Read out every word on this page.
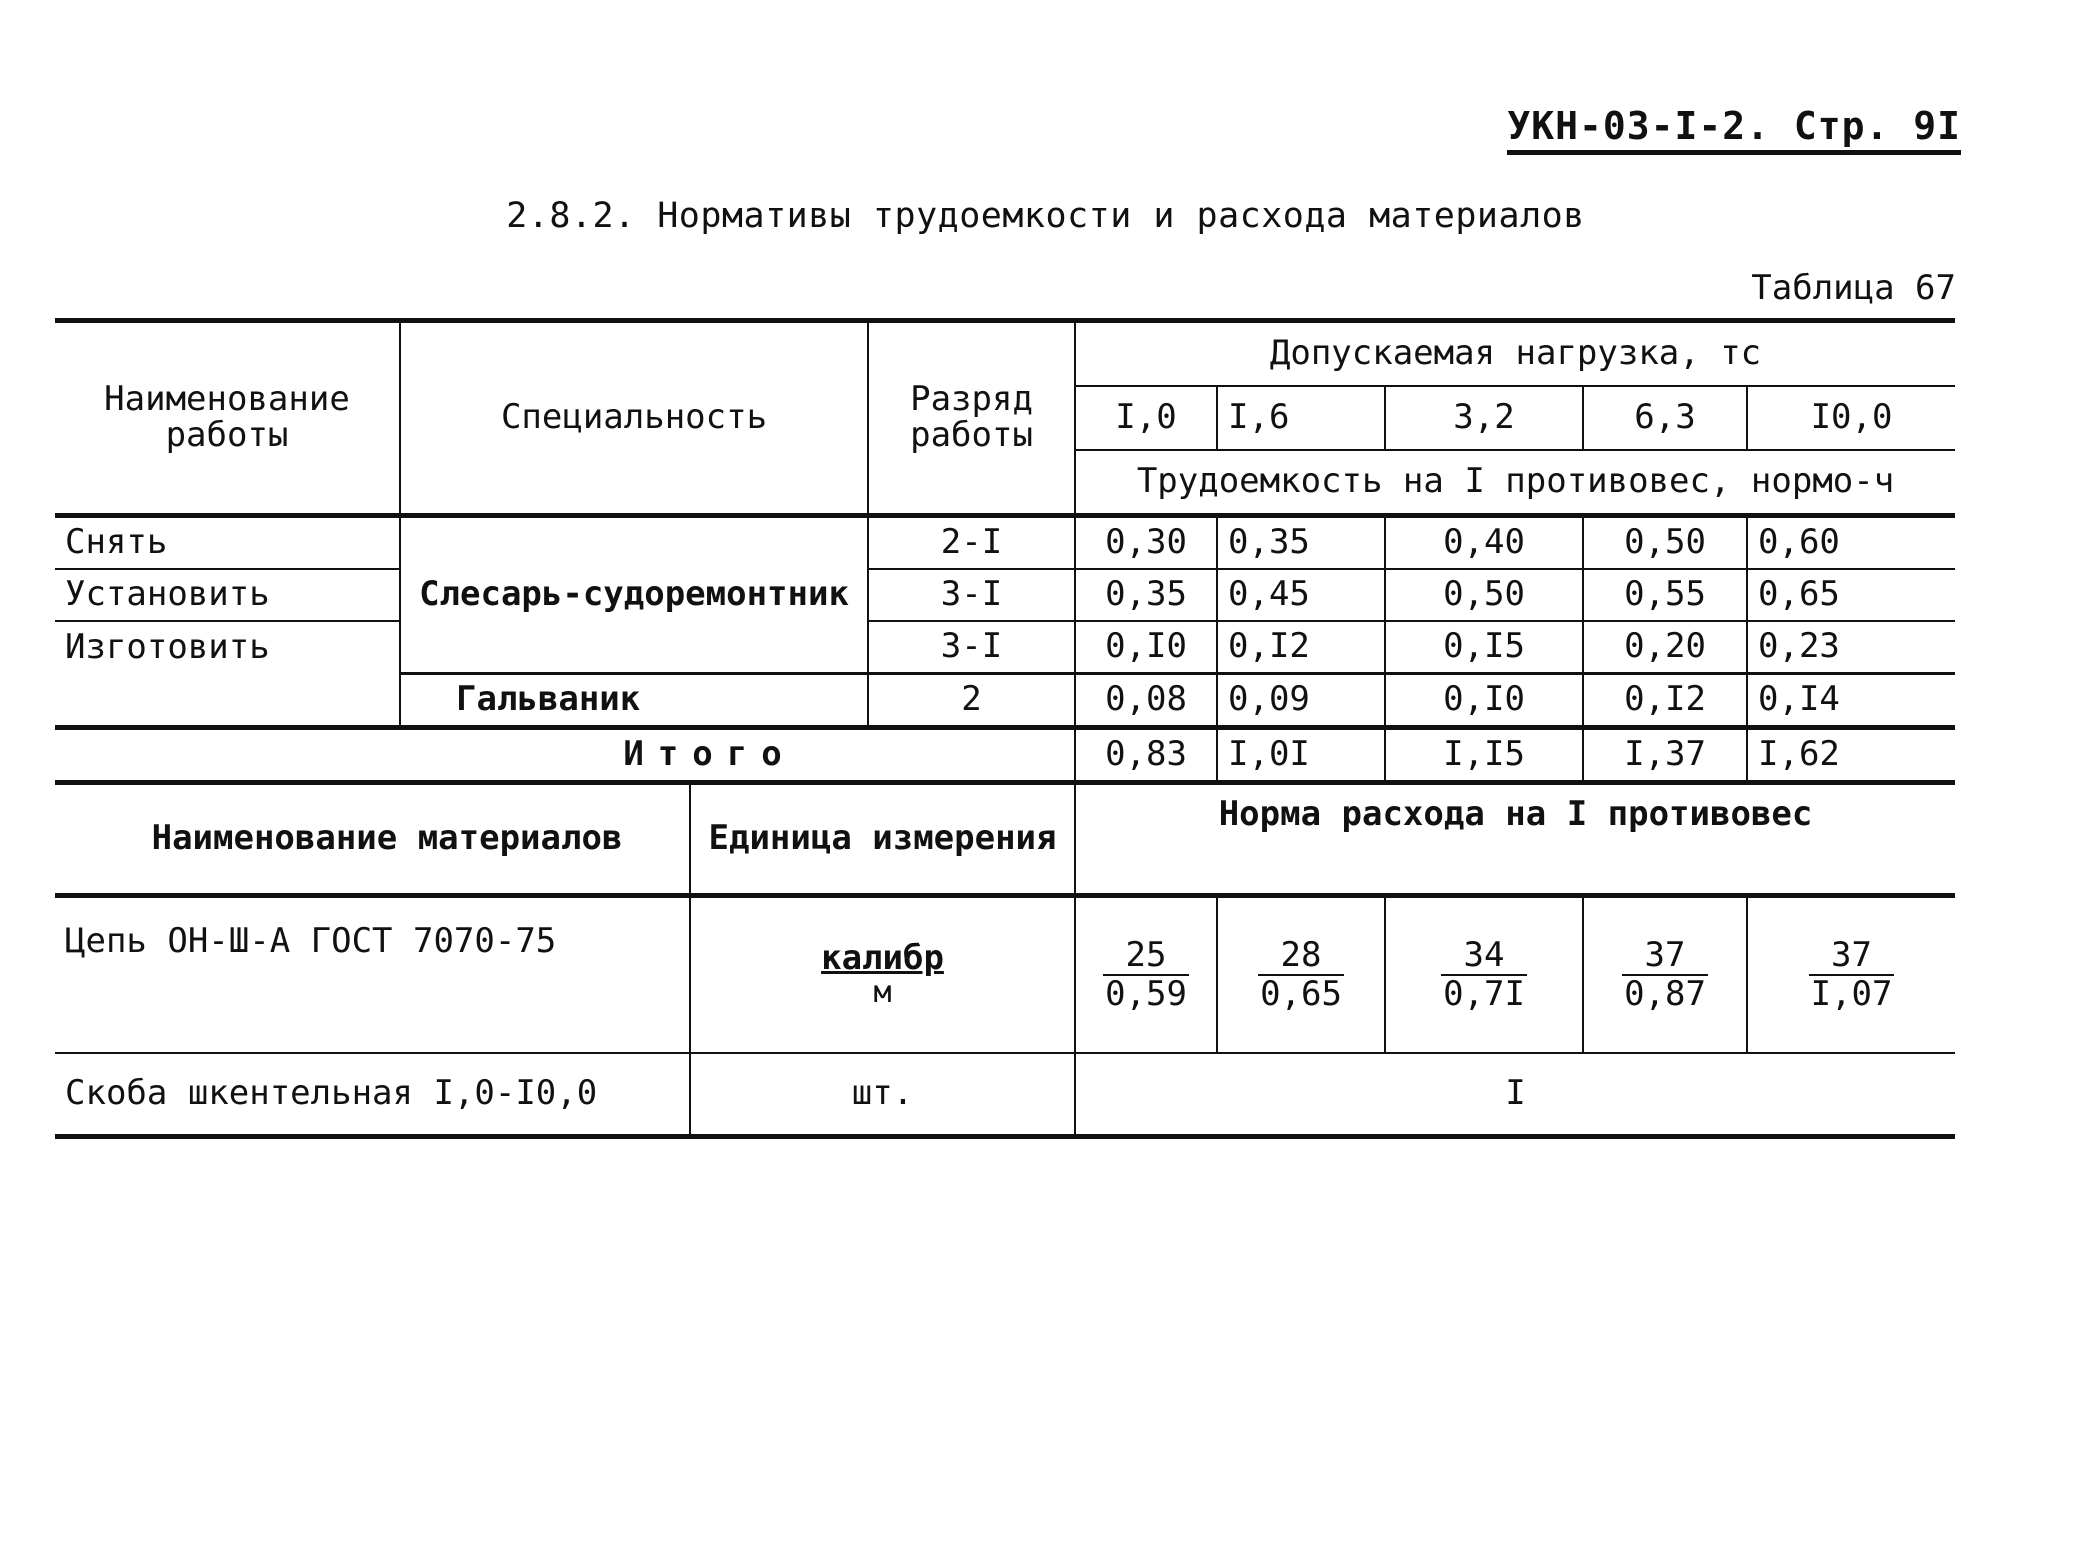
УКН-03-I-2. Стр. 9I
2.8.2. Нормативы трудоемкости и расхода материалов
Таблица 67
Наименование работы	Специальность		Разряд работы	Допускаемая нагрузка, тс				
				I,0	I,6	3,2	6,3	I0,0
				Трудоемкость на I противовес, нормо-ч				
Снять	Слесарь-судоремонтник		2-I	0,30	0,35	0,40	0,50	0,60
Установить			3-I	0,35	0,45	0,50	0,55	0,65
Изготовить			3-I	0,I0	0,I2	0,I5	0,20	0,23
	Гальваник		2	0,08	0,09	0,I0	0,I2	0,I4
Итого				0,83	I,0I	I,I5	I,37	I,62
Наименование материалов		Единица измерения		Норма расхода на I противовес				
Цепь ОН-Ш-А ГОСТ 7070-75		$\frac{\text{калибр}}{м}$		$\frac{25}{0,59}$	$\frac{28}{0,65}$	$\frac{34}{0,7I}$	$\frac{37}{0,87}$	$\frac{37}{I,07}$

Скоба шкентельная I,0-I0,0		шт.		I				
